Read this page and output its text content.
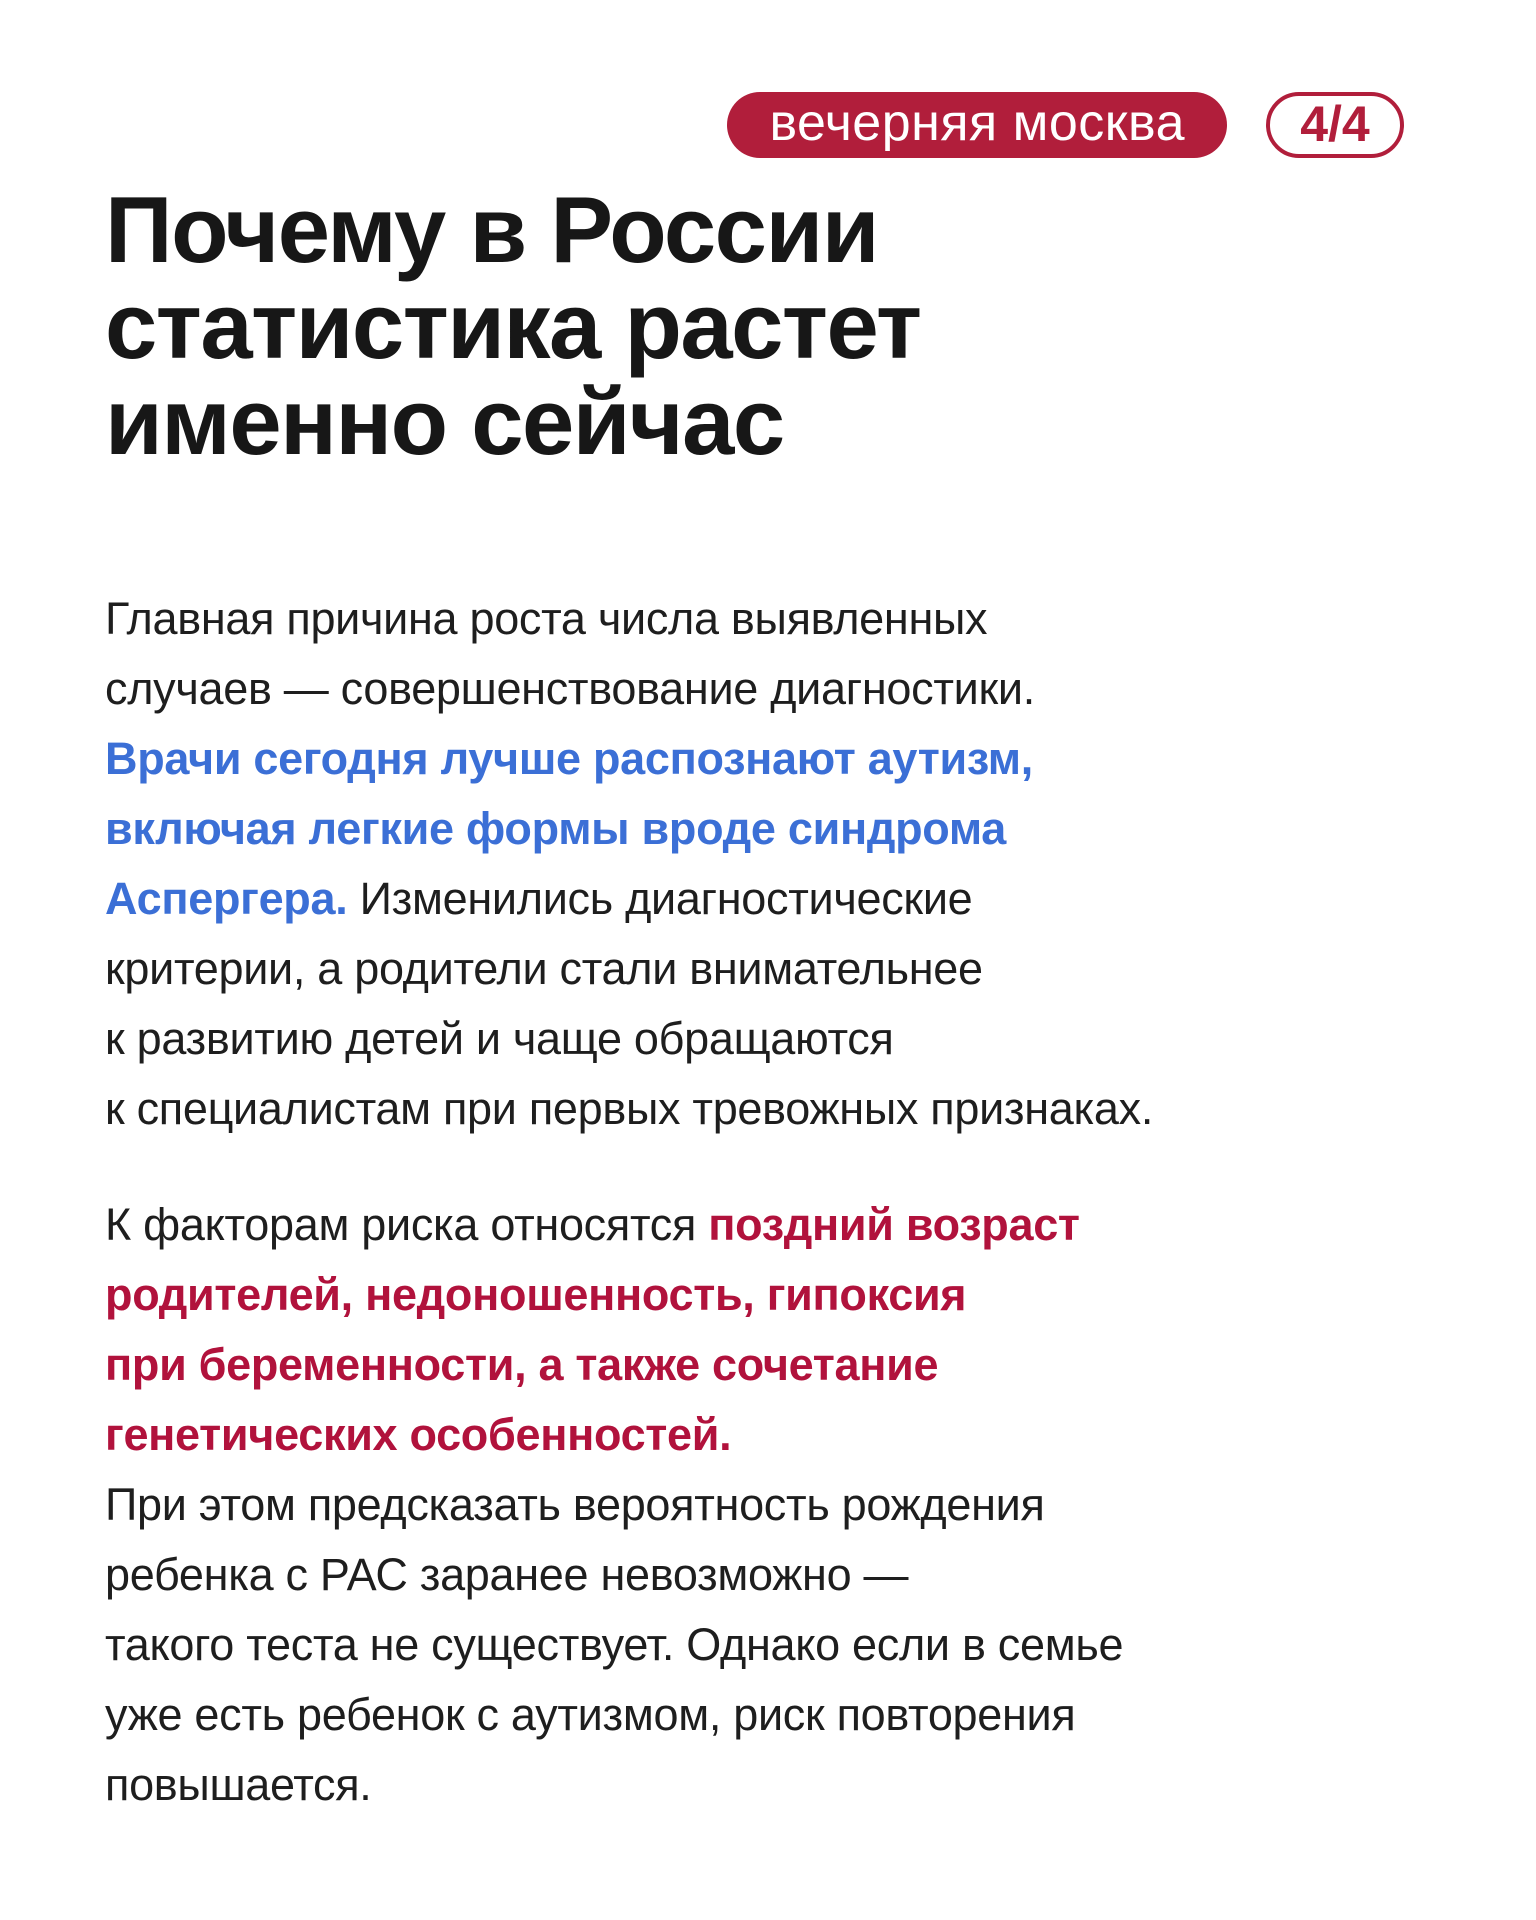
вечерняя москва 4/4
Почему в России
статистика растет
именно сейчас

Главная причина роста числа выявленных
случаев — совершенствование диагностики.
Врачи сегодня лучше распознают аутизм,
включая легкие формы вроде синдрома
Аспергера. Изменились диагностические
критерии, а родители стали внимательнее
к развитию детей и чаще обращаются
к специалистам при первых тревожных признаках.

К факторам риска относятся поздний возраст
родителей, недоношенность, гипоксия
при беременности, а также сочетание
генетических особенностей.
При этом предсказать вероятность рождения
ребенка с РАС заранее невозможно —
такого теста не существует. Однако если в семье
уже есть ребенок с аутизмом, риск повторения
повышается.
